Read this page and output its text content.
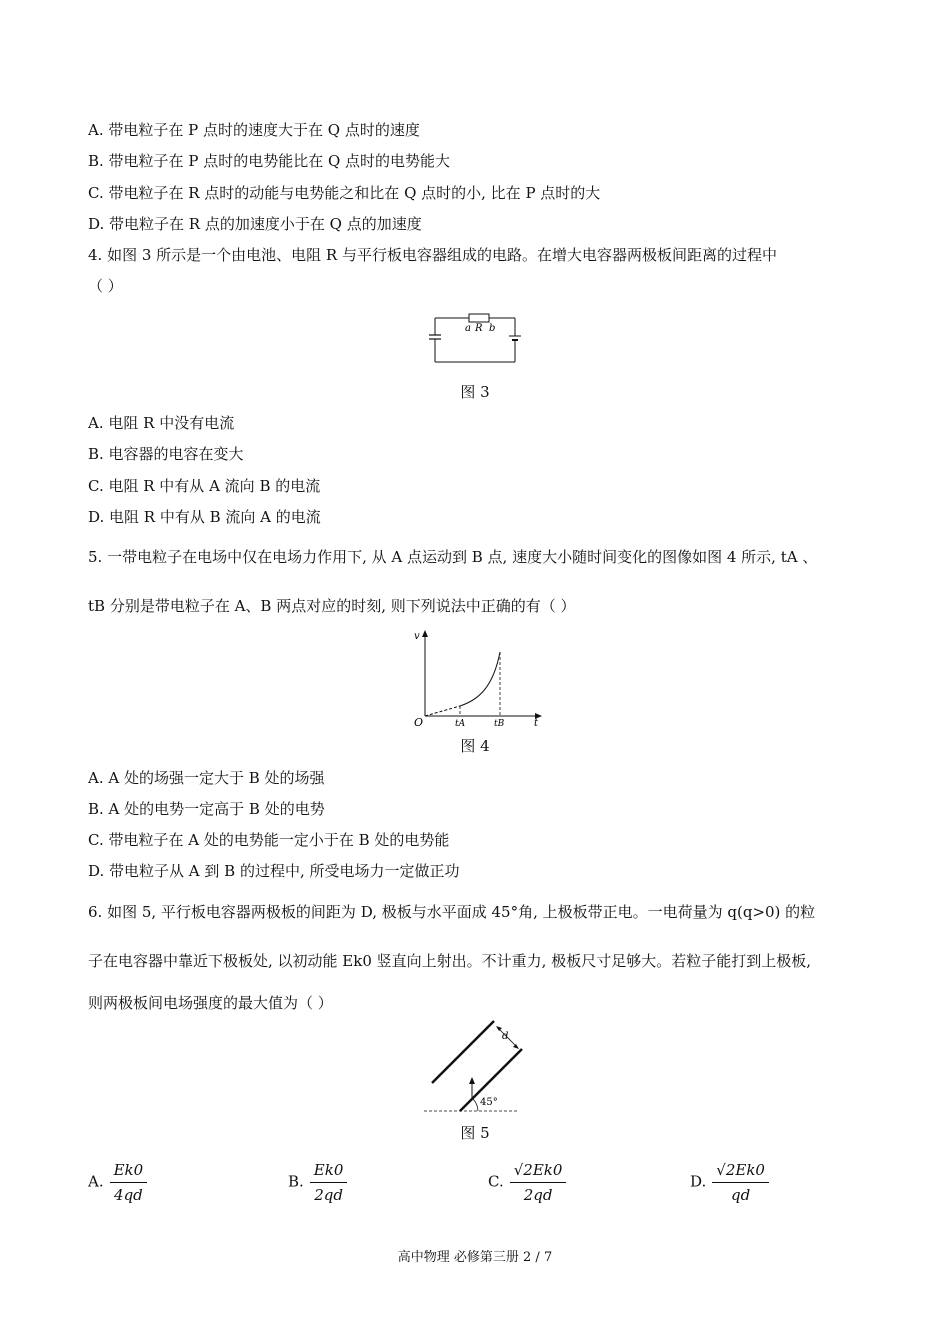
A. 带电粒子在 P 点时的速度大于在 Q 点时的速度
B. 带电粒子在 P 点时的电势能比在 Q 点时的电势能大
C. 带电粒子在 R 点时的动能与电势能之和比在 Q 点时的小, 比在 P 点时的大
D. 带电粒子在 R 点的加速度小于在 Q 点的加速度
4. 如图 3 所示是一个由电池、电阻 R 与平行板电容器组成的电路。在增大电容器两极板间距离的过程中
（ ）
a R b
图 3
A. 电阻 R 中没有电流
B. 电容器的电容在变大
C. 电阻 R 中有从 A 流向 B 的电流
D. 电阻 R 中有从 B 流向 A 的电流
5. 一带电粒子在电场中仅在电场力作用下, 从 A 点运动到 B 点, 速度大小随时间变化的图像如图 4 所示, tA 、
tB 分别是带电粒子在 A、B 两点对应的时刻, 则下列说法中正确的有（ ）
v
O	tA	tB	t
图 4
A. A 处的场强一定大于 B 处的场强
B. A 处的电势一定高于 B 处的电势
C. 带电粒子在 A 处的电势能一定小于在 B 处的电势能
D. 带电粒子从 A 到 B 的过程中, 所受电场力一定做正功
6. 如图 5, 平行板电容器两极板的间距为 D, 极板与水平面成 45°角, 上极板带正电。一电荷量为 q(q>0) 的粒
子在电容器中靠近下极板处, 以初动能 Ek0 竖直向上射出。不计重力, 极板尺寸足够大。若粒子能打到上极板,
则两极板间电场强度的最大值为（ ）
d
45°
图 5
A. $\frac{Ek0}{4qd}$	B. $\frac{Ek0}{2qd}$	C. $\frac{√2Ek0}{2qd}$	D. $\frac{√2Ek0}{qd}$
高中物理 必修第三册 2 / 7
